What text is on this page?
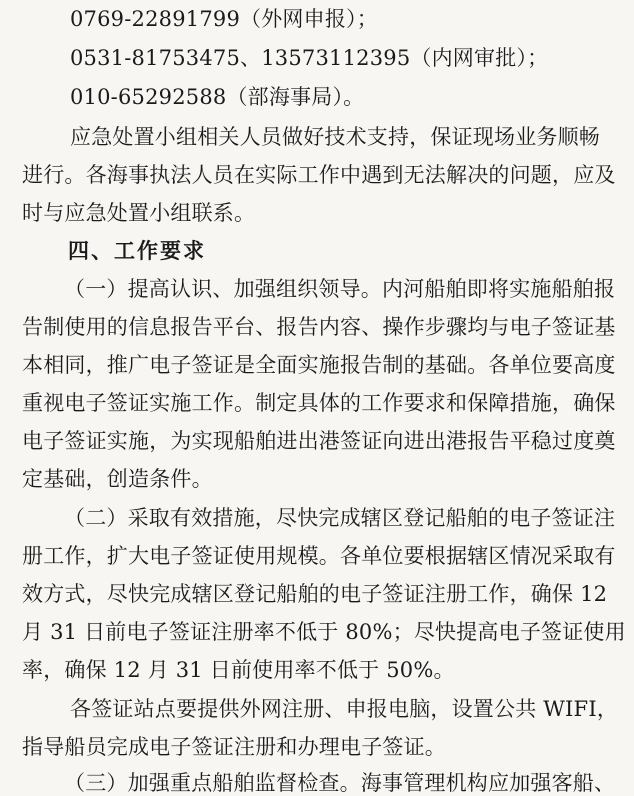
0769-22891799（外网申报）；
0531-81753475、13573112395（内网审批）；
010-65292588（部海事局）。
应急处置小组相关人员做好技术支持，保证现场业务顺畅
进行。各海事执法人员在实际工作中遇到无法解决的问题，应及
时与应急处置小组联系。
四、工作要求
（一）提高认识、加强组织领导。内河船舶即将实施船舶报
告制使用的信息报告平台、报告内容、操作步骤均与电子签证基
本相同，推广电子签证是全面实施报告制的基础。各单位要高度
重视电子签证实施工作。制定具体的工作要求和保障措施，确保
电子签证实施，为实现船舶进出港签证向进出港报告平稳过度奠
定基础，创造条件。
（二）采取有效措施，尽快完成辖区登记船舶的电子签证注
册工作，扩大电子签证使用规模。各单位要根据辖区情况采取有
效方式，尽快完成辖区登记船舶的电子签证注册工作，确保 12
月 31 日前电子签证注册率不低于 80%；尽快提高电子签证使用
率，确保 12 月 31 日前使用率不低于 50%。
各签证站点要提供外网注册、申报电脑，设置公共 WIFI，
指导船员完成电子签证注册和办理电子签证。
（三）加强重点船舶监督检查。海事管理机构应加强客船、
